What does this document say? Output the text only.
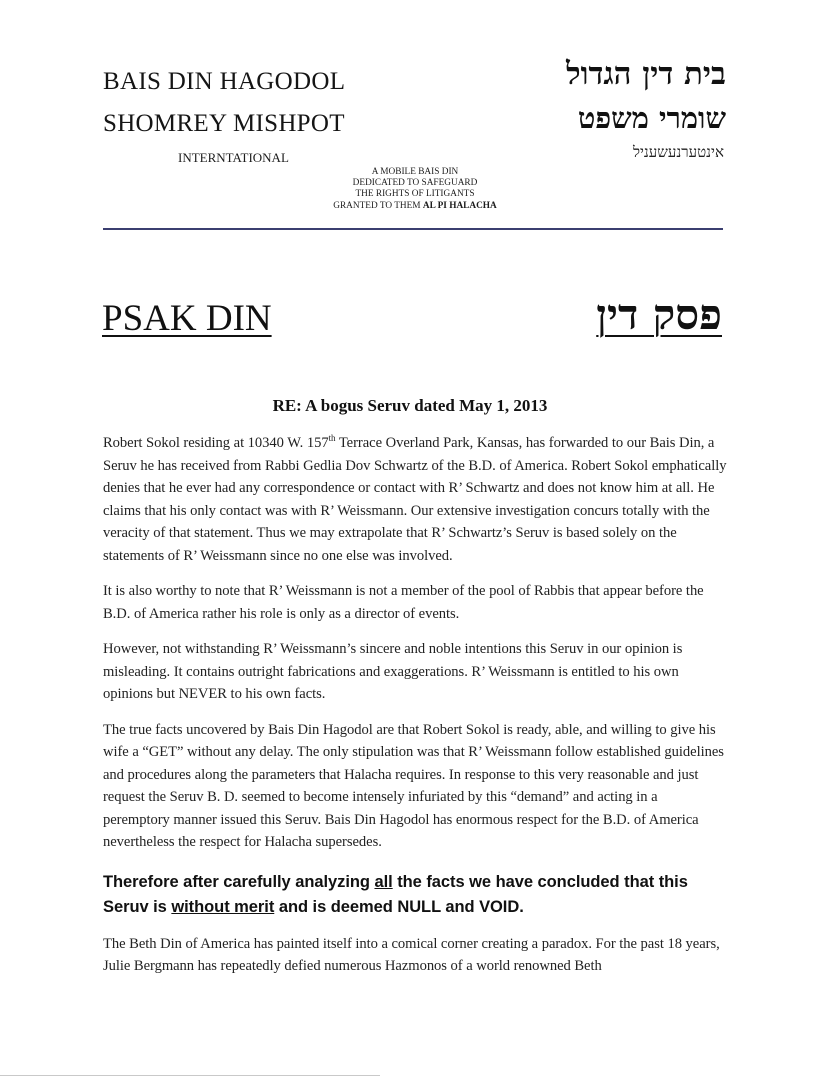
BAIS DIN HAGODOL
SHOMREY MISHPOT
INTERNTATIONAL
בית דין הגדול
שומרי משפט
אינטערנעשעניל
A MOBILE BAIS DIN
DEDICATED TO SAFEGUARD
THE RIGHTS OF LITIGANTS
GRANTED TO THEM AL PI HALACHA
PSAK DIN	פסק דין
RE: A bogus Seruv dated May 1, 2013

Robert Sokol residing at 10340 W. 157th Terrace Overland Park, Kansas, has forwarded to our Bais Din, a Seruv he has received from Rabbi Gedlia Dov Schwartz of the B.D. of America. Robert Sokol emphatically denies that he ever had any correspondence or contact with R’ Schwartz and does not know him at all. He claims that his only contact was with R’ Weissmann. Our extensive investigation concurs totally with the veracity of that statement. Thus we may extrapolate that R’ Schwartz’s Seruv is based solely on the statements of R’ Weissmann since no one else was involved.

It is also worthy to note that R’ Weissmann is not a member of the pool of Rabbis that appear before the B.D. of America rather his role is only as a director of events.

However, not withstanding R’ Weissmann’s sincere and noble intentions this Seruv in our opinion is misleading. It contains outright fabrications and exaggerations. R’ Weissmann is entitled to his own opinions but NEVER to his own facts.

The true facts uncovered by Bais Din Hagodol are that Robert Sokol is ready, able, and willing to give his wife a “GET” without any delay. The only stipulation was that R’ Weissmann follow established guidelines and procedures along the parameters that Halacha requires. In response to this very reasonable and just request the Seruv B. D. seemed to become intensely infuriated by this “demand” and acting in a peremptory manner issued this Seruv. Bais Din Hagodol has enormous respect for the B.D. of America nevertheless the respect for Halacha supersedes.

Therefore after carefully analyzing all the facts we have concluded that this Seruv is without merit and is deemed NULL and VOID.

The Beth Din of America has painted itself into a comical corner creating a paradox. For the past 18 years, Julie Bergmann has repeatedly defied numerous Hazmonos of a world renowned Beth
